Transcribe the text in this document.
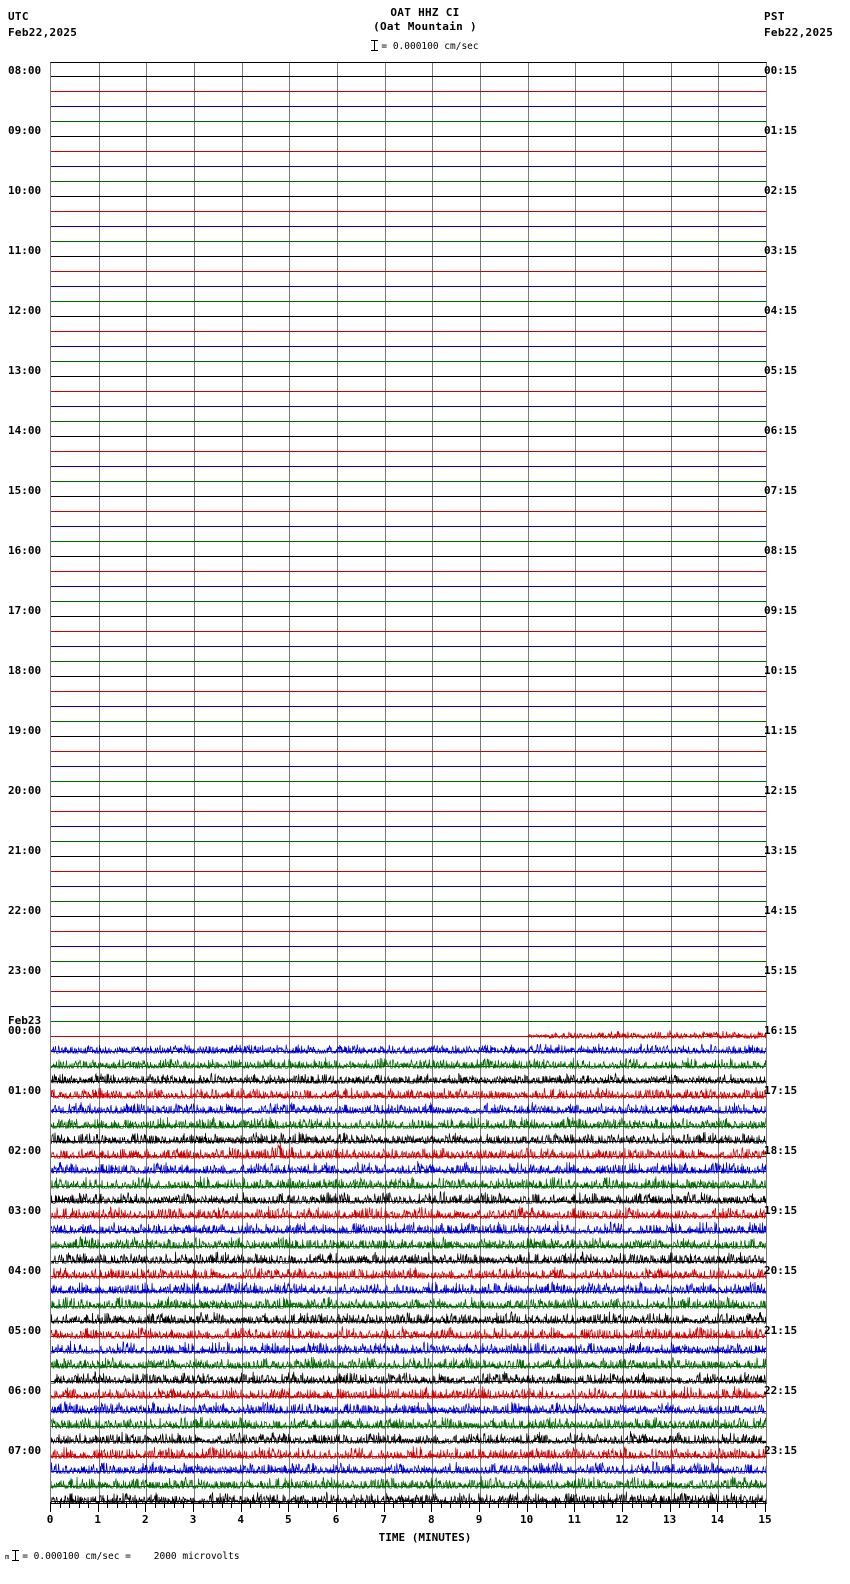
UTC
Feb22,2025
PST
Feb22,2025
OAT HHZ CI
(Oat Mountain )
= 0.000100 cm/sec
08:00	00:15
09:00	01:15
10:00	02:15
11:00	03:15
12:00	04:15
13:00	05:15
14:00	06:15
15:00	07:15
16:00	08:15
17:00	09:15
18:00	10:15
19:00	11:15
20:00	12:15
21:00	13:15
22:00	14:15
23:00	15:15
Feb23
00:00	16:15
01:00	17:15
02:00	18:15
03:00	19:15
04:00	20:15
05:00	21:15
06:00	22:15
07:00	23:15
0	1	2	3	4	5	6	7	8	9	10	11	12	13	14	15
TIME (MINUTES)
m = 0.000100 cm/sec =    2000 microvolts
